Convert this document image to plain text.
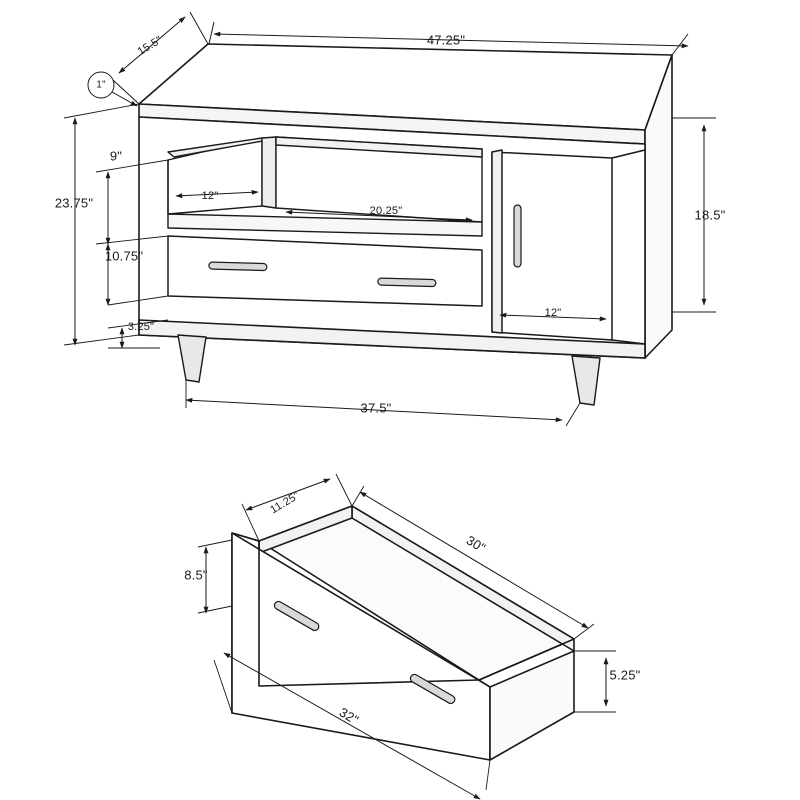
47.25"
15.5"
1"
23.75"
9"
10.75"
3.25"
18.5"
12"
20.25"
12"
37.5"
11.25"
30"
8.5"
5.25"
32"
